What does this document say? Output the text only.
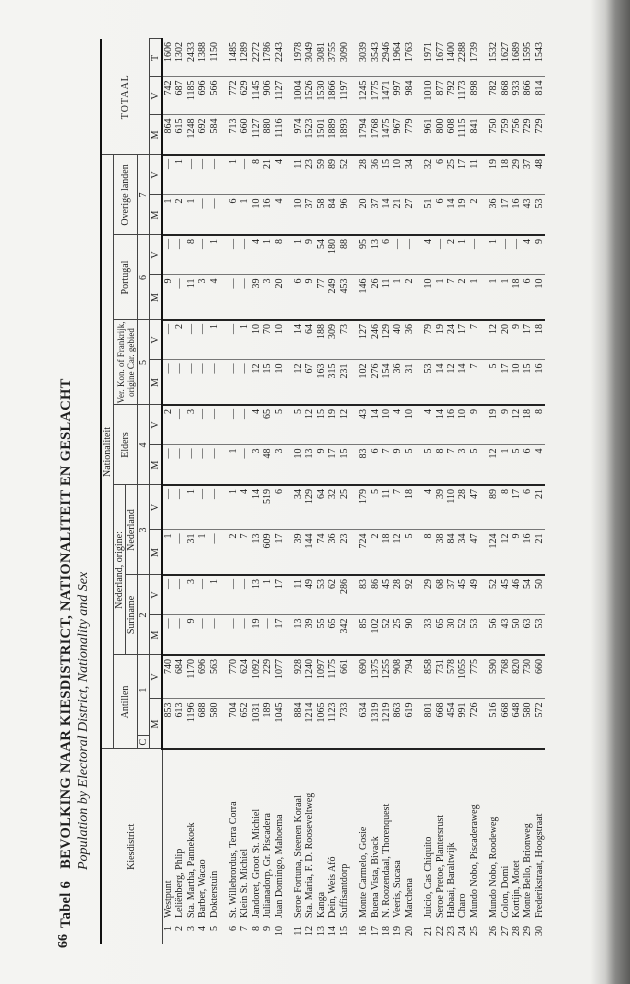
66
Tabel 6BEVOLKING NAAR KIESDISTRICT, NATIONALITEIT EN GESLACHT Population by Electoral District, Nationality and Sex	Kiesdistrict	Nationaliteit														TOTAAL		
	Antillen		Nederland, origine:				Elders		Ver. Kon. of Frankrijk, origine Car. gebied		Portugal		Overige landen				
			Suriname		Nederland												

	C
1		2		3		4		5		6		7				
	M	V	M	V	M	V	M	V	M	V	M	V	M	V	M	V	T
1Westpunt	853	740	—	—	1	—	—	2	—	—	9	—	1	—	864	742	1606
2Leliënberg, Phlip	613	684	—	—	—	—	—	—	—	2	—	—	2	1	615	687	1302
3Sta. Martha, Pannekoek	1196	1170	9	3	31	1	—	3	—	—	11	8	1	—	1248	1185	2433
4Barber, Wacao	688	696	—	—	1	—	—	—	—	—	3	—	—	—	692	696	1388
5Dokterstuin	580	563	—	1	—	—	—	—	—	1	4	1	—	—	584	566	1150

6St. Willebrordus, Terra Corra	704	770	—	—	2	1	1	—	—	—	—	—	6	1	713	772	1485
7Klein St. Michiel	652	624	—	—	7	4	—	—	—	1	—	—	1	—	660	629	1289
8Jandoret, Groot St. Michiel	1031	1092	19	13	13	14	3	4	12	10	39	4	10	8	1127	1145	2272
9Julianadorp, Gr. Piscadera	189	229	—	1	609	519	48	65	15	70	3	1	16	21	880	906	1786
10Juan Domingo, Mahoema	1045	1077	17	17	17	6	3	5	10	10	20	8	4	4	1116	1127	2243

11Seroe Fortuna, Steenen Koraal	884	928	13	11	39	34	10	5	12	14	6	1	10	11	974	1004	1978
12Sta. Maria, F. D. Rooseveltweg	1214	1240	39	49	144	129	13	12	67	64	9	9	37	23	1523	1526	3049
13Kanga	1065	1097	55	53	74	64	9	15	163	188	77	54	58	59	1501	1530	3081
14Dein, Weis Afó	1123	1175	65	62	36	32	17	19	315	309	249	180	84	89	1889	1866	3755
15Suffisantdorp	733	661	342	286	23	25	15	12	231	73	453	88	96	52	1893	1197	3090

16Monte Carmelo, Gosie	634	690	85	83	724	179	83	43	102	127	146	95	20	28	1794	1245	3039
17Buena Vista, Bivack	1319	1375	102	86	2	5	6	14	276	246	26	13	37	36	1768	1775	3543
18N. Roozendaal, Thorenquest	1219	1255	52	45	18	11	7	10	154	129	11	6	14	15	1475	1471	2946
19Veeris, Sucasa	863	908	25	28	12	7	9	4	36	40	1	—	21	10	967	997	1964
20Marchena	619	794	90	92	5	18	5	10	31	36	2	—	27	34	779	984	1763

21Juicio, Cas Chiquito	801	858	33	29	8	4	5	4	53	79	10	4	51	32	961	1010	1971
22Seroe Pretoe, Plantersrust	668	731	65	68	38	39	8	14	14	19	1	—	6	6	800	877	1677
23Habaai, Baraltwijk	454	578	30	37	84	110	7	16	12	24	7	2	14	25	608	792	1400
24Charo	991	1055	52	45	34	28	3	10	14	17	2	1	19	17	1115	1173	2288
25Mundo Nobo, Piscaderaweg	726	775	53	49	47	47	5	9	7	7	1	—	2	11	841	898	1739

26Mundo Nobo, Roodeweg	516	590	56	52	124	89	12	19	5	12	1	1	36	19	750	782	1532
27Colon, Domi	668	768	43	45	12	8	1	9	17	20	1	—	17	18	759	868	1627
28Kortijn, Motet	648	820	50	46	9	17	5	12	10	9	18	—	16	29	756	933	1689
29Monte Bello, Brionweg	580	730	63	54	16	6	6	18	15	17	6	4	43	37	729	866	1595
30Frederikstraat, Hoogstraat	572	660	53	50	21	21	4	8	16	18	10	9	53	48	729	814	1543
